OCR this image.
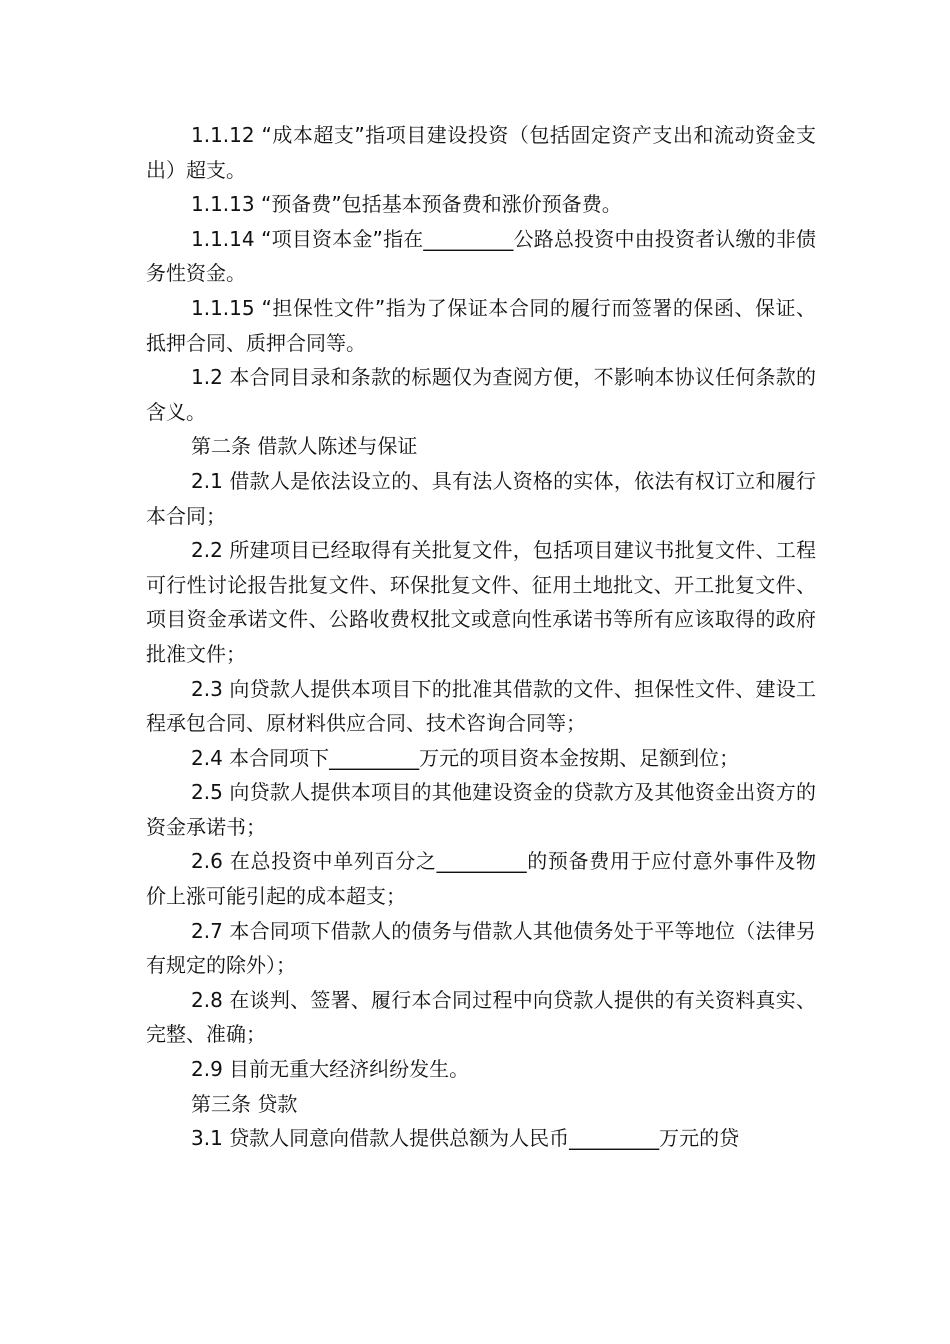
1.1.12 “成本超支”指项目建设投资（包括固定资产支出和流动资金支出）超支。

1.1.13 “预备费”包括基本预备费和涨价预备费。

1.1.14 “项目资本金”指在_________公路总投资中由投资者认缴的非债务性资金。

1.1.15 “担保性文件”指为了保证本合同的履行而签署的保函、保证、抵押合同、质押合同等。

1.2 本合同目录和条款的标题仅为查阅方便，不影响本协议任何条款的含义。

第二条 借款人陈述与保证

2.1 借款人是依法设立的、具有法人资格的实体，依法有权订立和履行本合同；

2.2 所建项目已经取得有关批复文件，包括项目建议书批复文件、工程可行性讨论报告批复文件、环保批复文件、征用土地批文、开工批复文件、项目资金承诺文件、公路收费权批文或意向性承诺书等所有应该取得的政府批准文件；

2.3 向贷款人提供本项目下的批准其借款的文件、担保性文件、建设工程承包合同、原材料供应合同、技术咨询合同等；

2.4 本合同项下_________万元的项目资本金按期、足额到位；

2.5 向贷款人提供本项目的其他建设资金的贷款方及其他资金出资方的资金承诺书；

2.6 在总投资中单列百分之_________的预备费用于应付意外事件及物价上涨可能引起的成本超支；

2.7 本合同项下借款人的债务与借款人其他债务处于平等地位（法律另有规定的除外）；

2.8 在谈判、签署、履行本合同过程中向贷款人提供的有关资料真实、完整、准确；

2.9 目前无重大经济纠纷发生。

第三条 贷款

3.1 贷款人同意向借款人提供总额为人民币_________万元的贷
